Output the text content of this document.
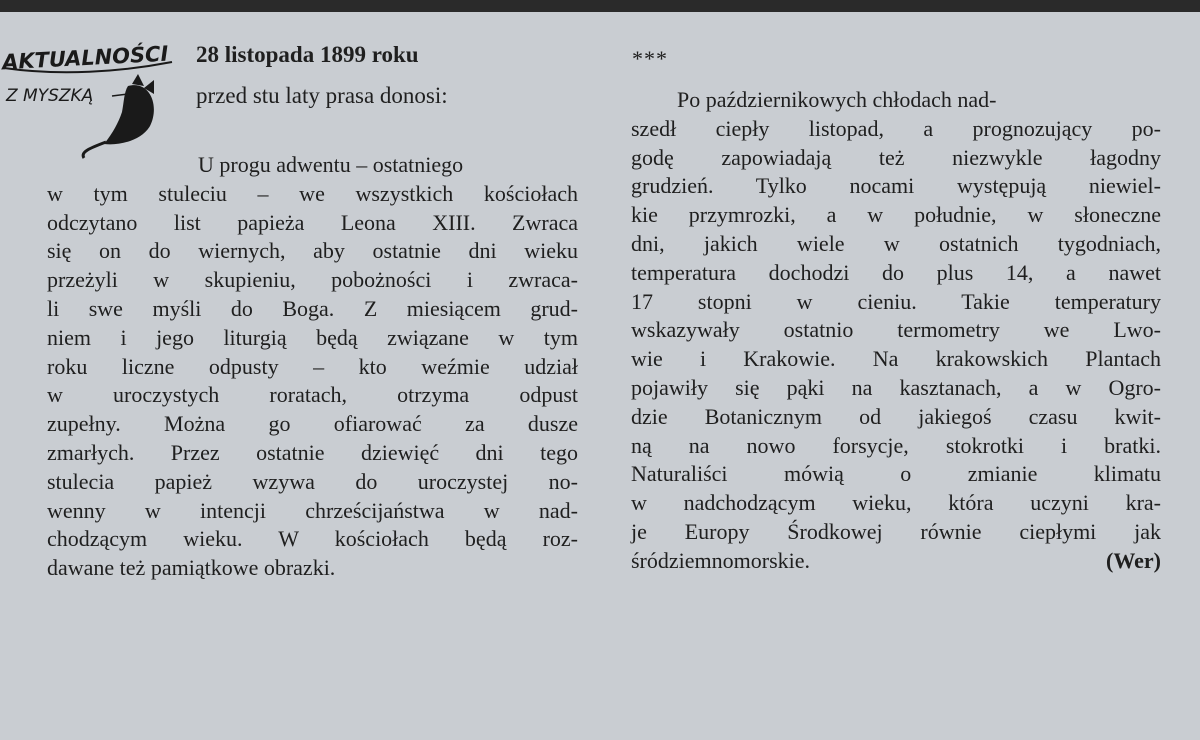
AKTUALNOŚCI
Z MYSZKĄ
28 listopada 1899 roku
przed stu laty prasa donosi:
U progu adwentu – ostatniego
w tym stuleciu – we wszystkich kościołach
odczytano list papieża Leona XIII. Zwraca
się on do wiernych, aby ostatnie dni wieku
przeżyli w skupieniu, pobożności i zwraca-
li swe myśli do Boga. Z miesiącem grud-
niem i jego liturgią będą związane w tym
roku liczne odpusty – kto weźmie udział
w uroczystych roratach, otrzyma odpust
zupełny. Można go ofiarować za dusze
zmarłych. Przez ostatnie dziewięć dni tego
stulecia papież wzywa do uroczystej no-
wenny w intencji chrześcijaństwa w nad-
chodzącym wieku. W kościołach będą roz-
dawane też pamiątkowe obrazki.
***
Po październikowych chłodach nad-
szedł ciepły listopad, a prognozujący po-
godę zapowiadają też niezwykle łagodny
grudzień. Tylko nocami występują niewiel-
kie przymrozki, a w południe, w słoneczne
dni, jakich wiele w ostatnich tygodniach,
temperatura dochodzi do plus 14, a nawet
17 stopni w cieniu. Takie temperatury
wskazywały ostatnio termometry we Lwo-
wie i Krakowie. Na krakowskich Plantach
pojawiły się pąki na kasztanach, a w Ogro-
dzie Botanicznym od jakiegoś czasu kwit-
ną na nowo forsycje, stokrotki i bratki.
Naturaliści mówią o zmianie klimatu
w nadchodzącym wieku, która uczyni kra-
je Europy Środkowej równie ciepłymi jak
śródziemnomorskie.	(Wer)
